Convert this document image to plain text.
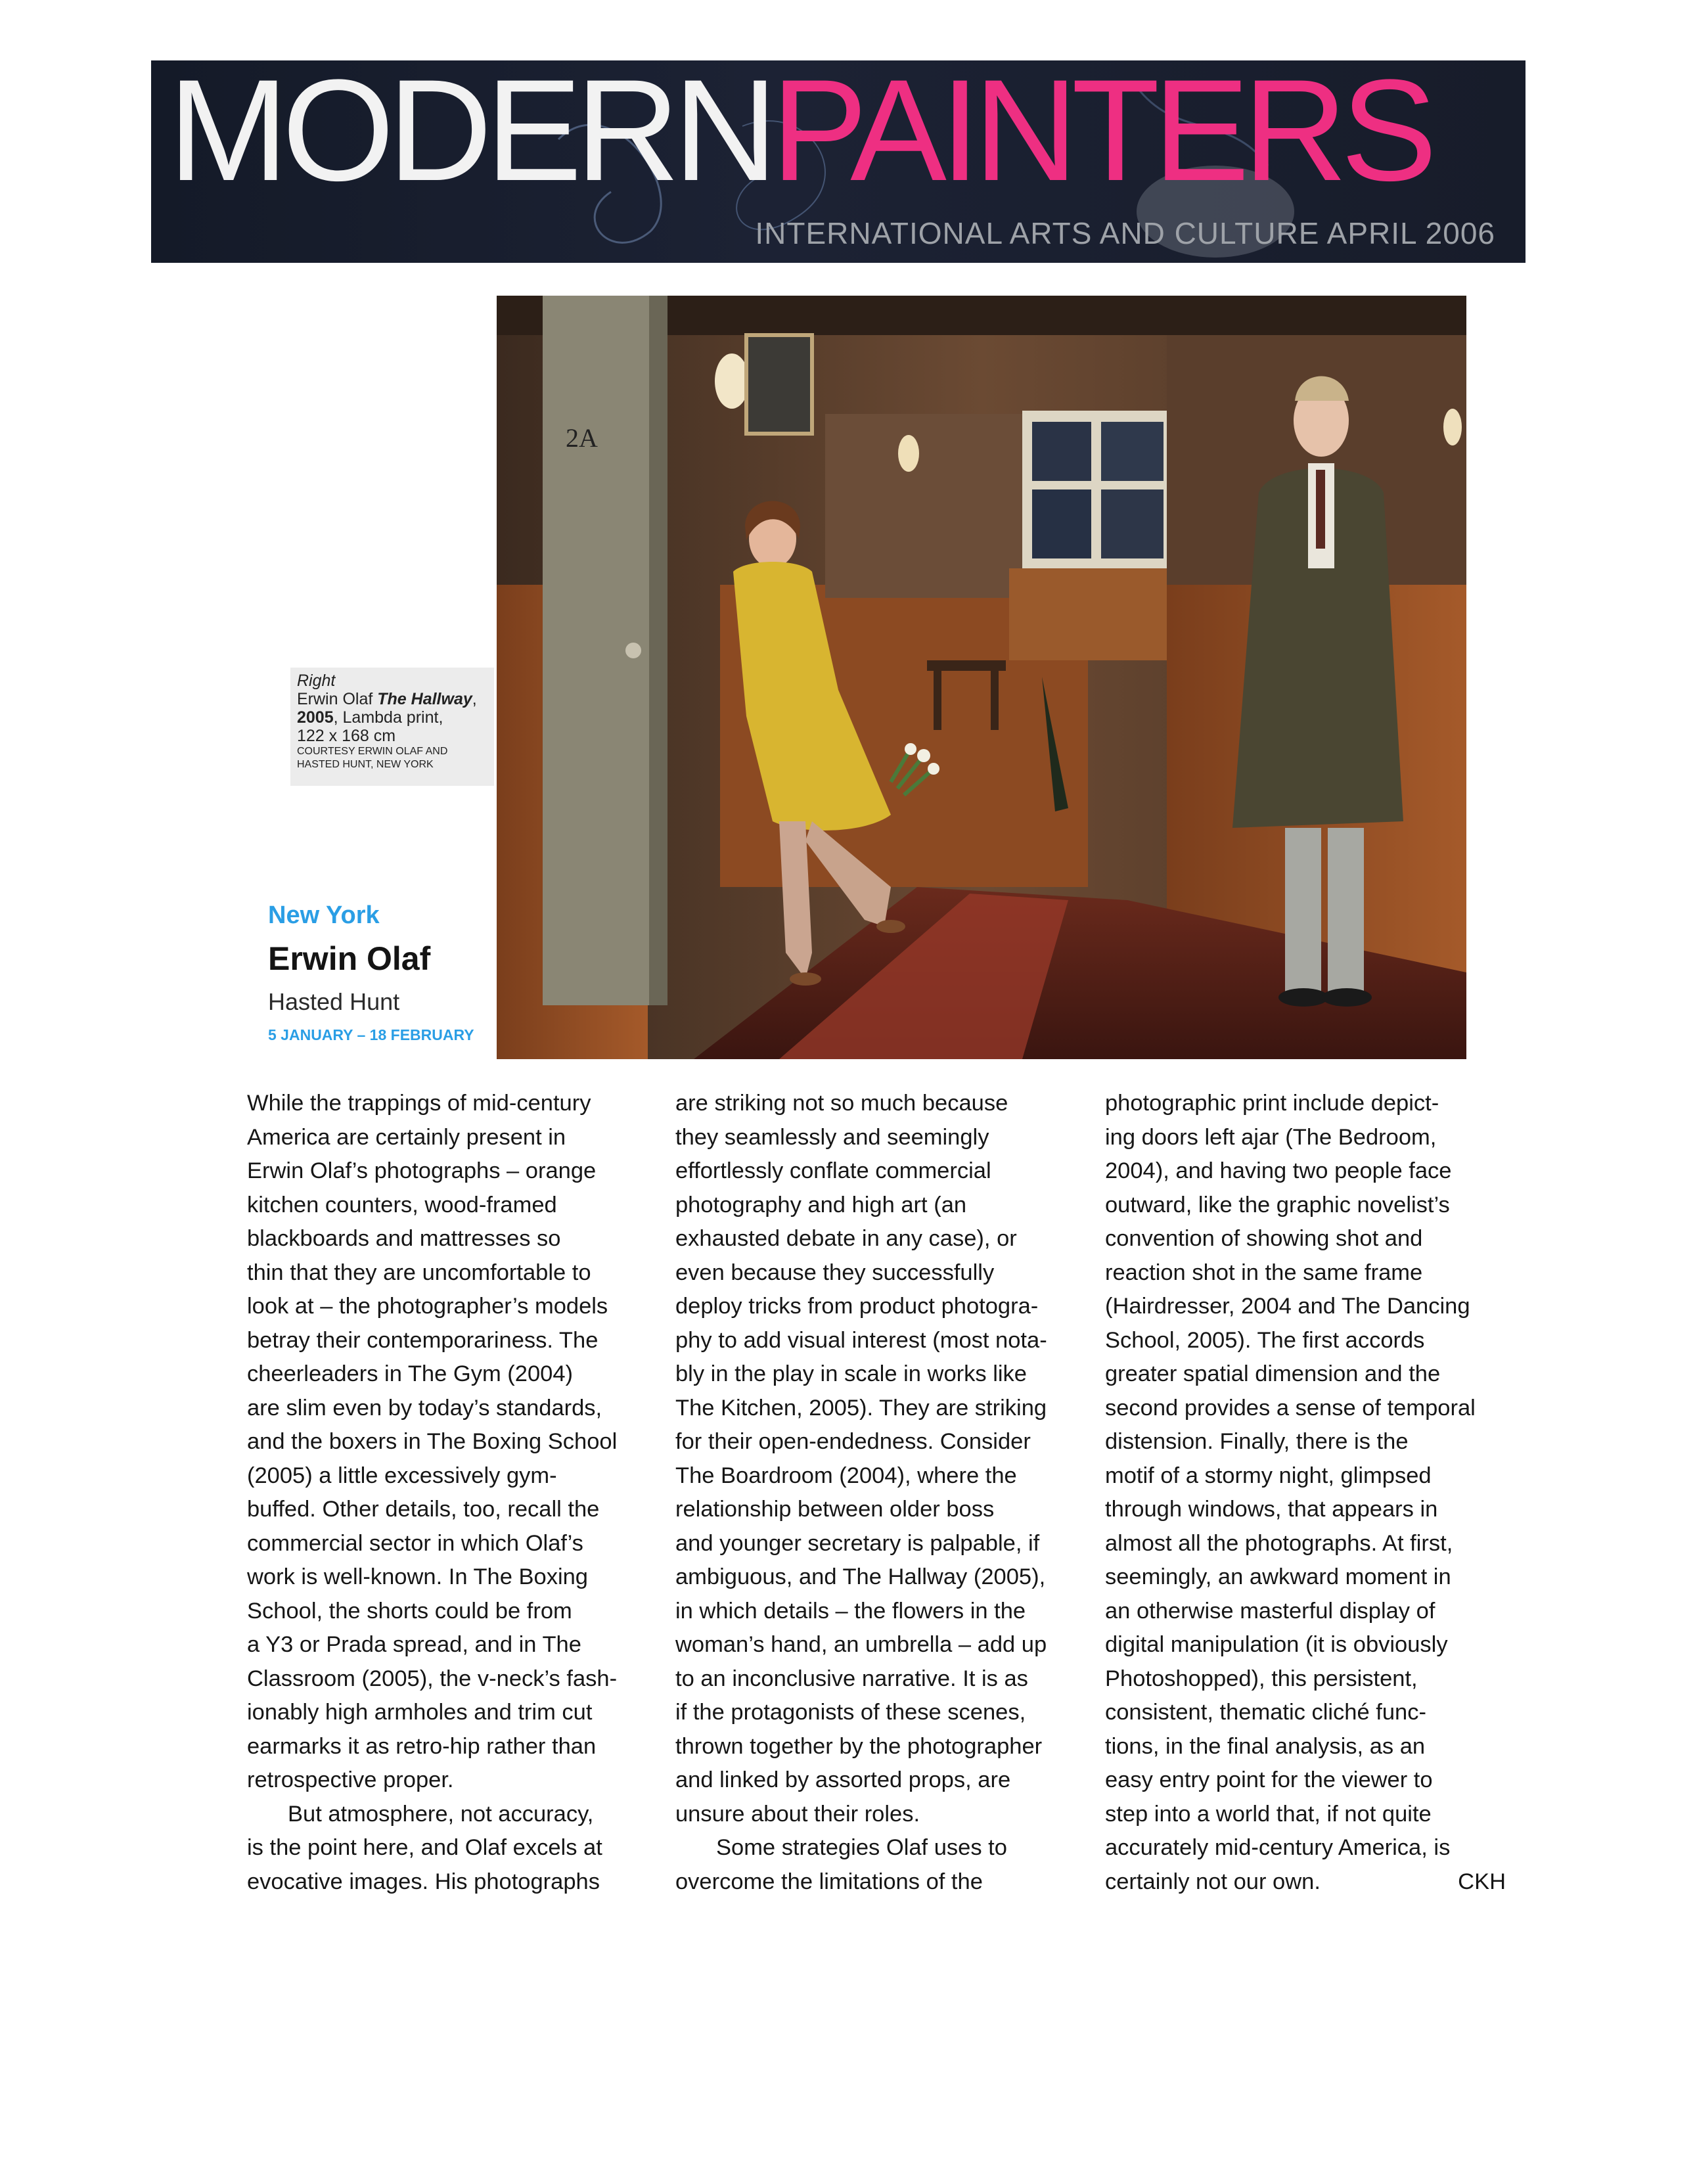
MODERNPAINTERS
INTERNATIONAL ARTS AND CULTURE APRIL 2006
2A
Right
Erwin Olaf The Hallway,
2005, Lambda print,
122 x 168 cm
COURTESY ERWIN OLAF AND
HASTED HUNT, NEW YORK
New York
Erwin Olaf
Hasted Hunt
5 JANUARY – 18 FEBRUARY
While the trappings of mid-century
America are certainly present in
Erwin Olaf’s photographs – orange
kitchen counters, wood-framed
blackboards and mattresses so
thin that they are uncomfortable to
look at – the photographer’s models
betray their contemporariness. The
cheerleaders in The Gym (2004)
are slim even by today’s standards,
and the boxers in The Boxing School
(2005) a little excessively gym-
buffed. Other details, too, recall the
commercial sector in which Olaf’s
work is well-known. In The Boxing
School, the shorts could be from
a Y3 or Prada spread, and in The
Classroom (2005), the v-neck’s fash-
ionably high armholes and trim cut
earmarks it as retro-hip rather than
retrospective proper.
But atmosphere, not accuracy,
is the point here, and Olaf excels at
evocative images. His photographs
are striking not so much because
they seamlessly and seemingly
effortlessly conflate commercial
photography and high art (an
exhausted debate in any case), or
even because they successfully
deploy tricks from product photogra-
phy to add visual interest (most nota-
bly in the play in scale in works like
The Kitchen, 2005). They are striking
for their open-endedness. Consider
The Boardroom (2004), where the
relationship between older boss
and younger secretary is palpable, if
ambiguous, and The Hallway (2005),
in which details – the flowers in the
woman’s hand, an umbrella – add up
to an inconclusive narrative. It is as
if the protagonists of these scenes,
thrown together by the photographer
and linked by assorted props, are
unsure about their roles.
Some strategies Olaf uses to
overcome the limitations of the
photographic print include depict-
ing doors left ajar (The Bedroom,
2004), and having two people face
outward, like the graphic novelist’s
convention of showing shot and
reaction shot in the same frame
(Hairdresser, 2004 and The Dancing
School, 2005). The first accords
greater spatial dimension and the
second provides a sense of temporal
distension. Finally, there is the
motif of a stormy night, glimpsed
through windows, that appears in
almost all the photographs. At first,
seemingly, an awkward moment in
an otherwise masterful display of
digital manipulation (it is obviously
Photoshopped), this persistent,
consistent, thematic cliché func-
tions, in the final analysis, as an
easy entry point for the viewer to
step into a world that, if not quite
accurately mid-century America, is
certainly not our own.	CKH
